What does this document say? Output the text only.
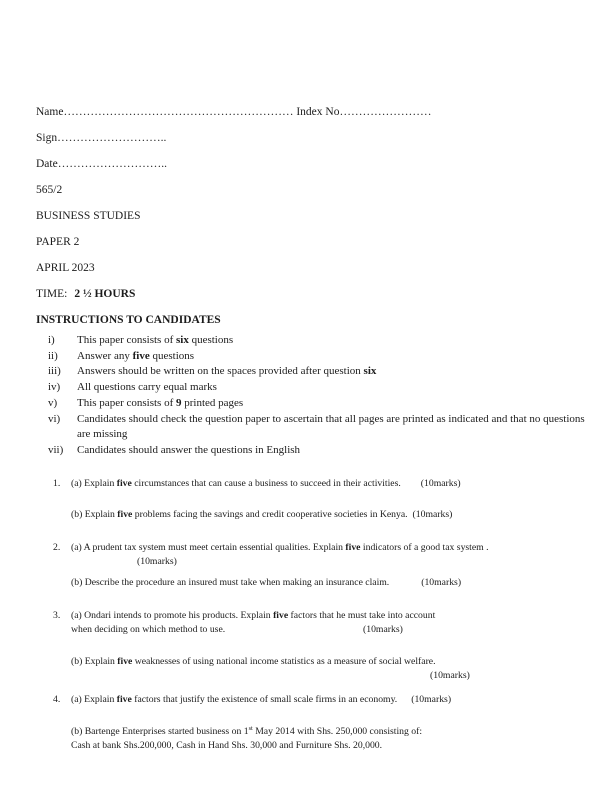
Name…………………………………………………… Index No……………………
Sign………………………..
Date………………………..
565/2
BUSINESS STUDIES
PAPER 2
APRIL 2023
TIME: 2 ½ HOURS
INSTRUCTIONS TO CANDIDATES
i)	This paper consists of six questions
ii)	Answer any five questions
iii)	Answers should be written on the spaces provided after question six
iv)	All questions carry equal marks
v)	This paper consists of 9 printed pages
vi)	Candidates should check the question paper to ascertain that all pages are printed as indicated and that no questions are missing
vii)	Candidates should answer the questions in English
1.	(a) Explain five circumstances that can cause a business to succeed in their activities. (10marks)
(b) Explain five problems facing the savings and credit cooperative societies in Kenya. (10marks)
2.	(a) A prudent tax system must meet certain essential qualities. Explain five indicators of a good tax system .
(10marks)
(b) Describe the procedure an insured must take when making an insurance claim.	(10marks)
3.	(a) Ondari intends to promote his products. Explain five factors that he must take into account
when deciding on which method to use.	(10marks)
(b) Explain five weaknesses of using national income statistics as a measure of social welfare.
(10marks)
4.	(a) Explain five factors that justify the existence of small scale firms in an economy. (10marks)
(b) Bartenge Enterprises started business on 1st May 2014 with Shs. 250,000 consisting of:
Cash at bank Shs.200,000, Cash in Hand Shs. 30,000 and Furniture Shs. 20,000.
